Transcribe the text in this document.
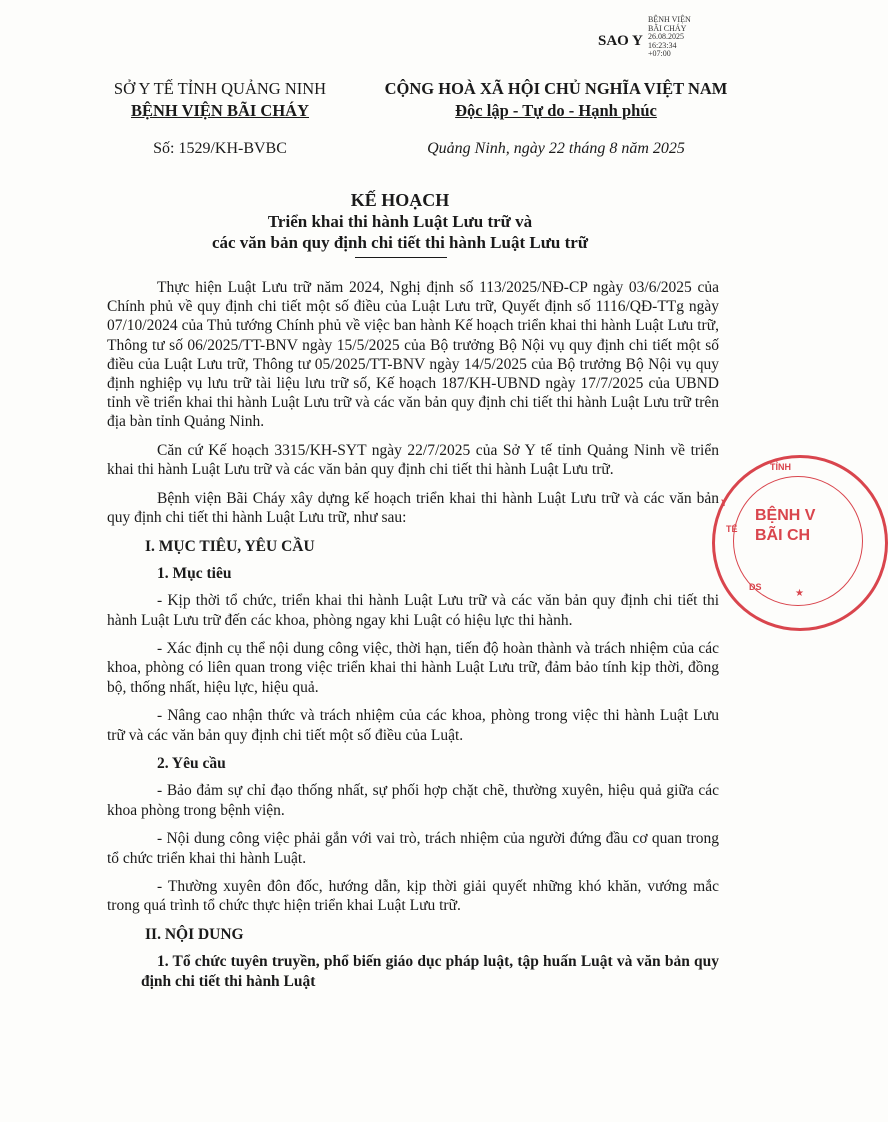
SAO Y
BỆNH VIỆN
BÃI CHÁY
26.08.2025
16:23:34
+07:00
SỞ Y TẾ TỈNH QUẢNG NINH
BỆNH VIỆN BÃI CHÁY
CỘNG HOÀ XÃ HỘI CHỦ NGHĨA VIỆT NAM
Độc lập - Tự do - Hạnh phúc
Số: 1529/KH-BVBC	Quảng Ninh, ngày 22 tháng 8 năm 2025
KẾ HOẠCH
Triển khai thi hành Luật Lưu trữ và
các văn bản quy định chi tiết thi hành Luật Lưu trữ

Thực hiện Luật Lưu trữ năm 2024, Nghị định số 113/2025/NĐ-CP ngày 03/6/2025 của Chính phủ về quy định chi tiết một số điều của Luật Lưu trữ, Quyết định số 1116/QĐ-TTg ngày 07/10/2024 của Thủ tướng Chính phủ về việc ban hành Kế hoạch triển khai thi hành Luật Lưu trữ, Thông tư số 06/2025/TT-BNV ngày 15/5/2025 của Bộ trưởng Bộ Nội vụ quy định chi tiết một số điều của Luật Lưu trữ, Thông tư 05/2025/TT-BNV ngày 14/5/2025 của Bộ trưởng Bộ Nội vụ quy định nghiệp vụ lưu trữ tài liệu lưu trữ số, Kế hoạch 187/KH-UBND ngày 17/7/2025 của UBND tỉnh về triển khai thi hành Luật Lưu trữ và các văn bản quy định chi tiết thi hành Luật Lưu trữ trên địa bàn tỉnh Quảng Ninh.

Căn cứ Kế hoạch 3315/KH-SYT ngày 22/7/2025 của Sở Y tế tỉnh Quảng Ninh về triển khai thi hành Luật Lưu trữ và các văn bản quy định chi tiết thi hành Luật Lưu trữ.

Bệnh viện Bãi Cháy xây dựng kế hoạch triển khai thi hành Luật Lưu trữ và các văn bản quy định chi tiết thi hành Luật Lưu trữ, như sau:

I. MỤC TIÊU, YÊU CẦU
1. Mục tiêu

- Kịp thời tổ chức, triển khai thi hành Luật Lưu trữ và các văn bản quy định chi tiết thi hành Luật Lưu trữ đến các khoa, phòng ngay khi Luật có hiệu lực thi hành.

- Xác định cụ thể nội dung công việc, thời hạn, tiến độ hoàn thành và trách nhiệm của các khoa, phòng có liên quan trong việc triển khai thi hành Luật Lưu trữ, đảm bảo tính kịp thời, đồng bộ, thống nhất, hiệu lực, hiệu quả.

- Nâng cao nhận thức và trách nhiệm của các khoa, phòng trong việc thi hành Luật Lưu trữ và các văn bản quy định chi tiết một số điều của Luật.

2. Yêu cầu

- Bảo đảm sự chỉ đạo thống nhất, sự phối hợp chặt chẽ, thường xuyên, hiệu quả giữa các khoa phòng trong bệnh viện.

- Nội dung công việc phải gắn với vai trò, trách nhiệm của người đứng đầu cơ quan trong tổ chức triển khai thi hành Luật.

- Thường xuyên đôn đốc, hướng dẫn, kịp thời giải quyết những khó khăn, vướng mắc trong quá trình tổ chức thực hiện triển khai Luật Lưu trữ.

II. NỘI DUNG
1. Tổ chức tuyên truyền, phổ biến giáo dục pháp luật, tập huấn Luật và văn bản quy định chi tiết thi hành Luật
TỈNH
Y
TẾ
BỆNH V
BÃI CH
DS
★
